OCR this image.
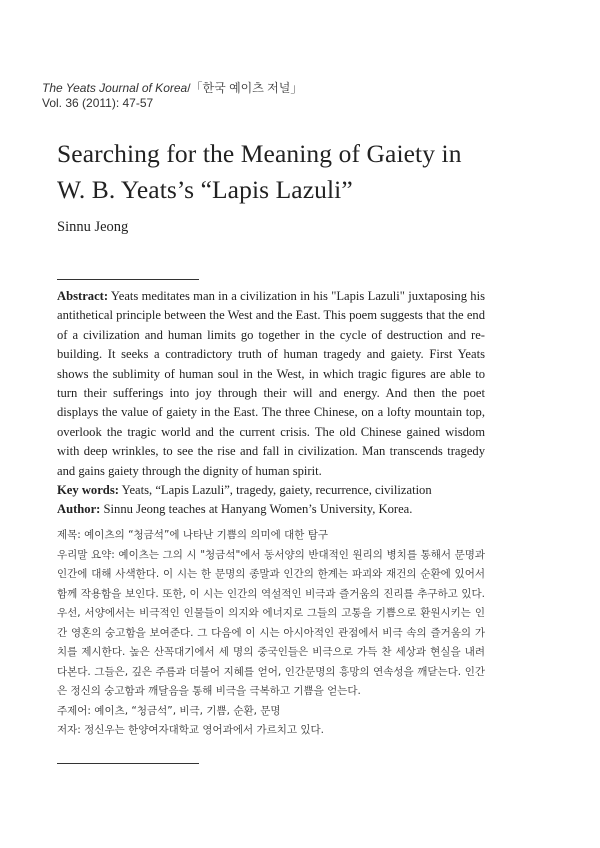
The Yeats Journal of Korea/「한국 예이츠 저널」
Vol. 36 (2011): 47-57
Searching for the Meaning of Gaiety in
W. B. Yeats’s “Lapis Lazuli”
Sinnu Jeong

Abstract: Yeats meditates man in a civilization in his "Lapis Lazuli" juxtaposing his antithetical principle between the West and the East. This poem suggests that the end of a civilization and human limits go together in the cycle of destruction and re-building. It seeks a contradictory truth of human tragedy and gaiety. First Yeats shows the sublimity of human soul in the West, in which tragic figures are able to turn their sufferings into joy through their will and energy. And then the poet displays the value of gaiety in the East. The three Chinese, on a lofty mountain top, overlook the tragic world and the current crisis. The old Chinese gained wisdom with deep wrinkles, to see the rise and fall in civilization. Man transcends tragedy and gains gaiety through the dignity of human spirit.

Key words: Yeats, “Lapis Lazuli”, tragedy, gaiety, recurrence, civilization

Author: Sinnu Jeong teaches at Hanyang Women’s University, Korea.

제목: 예이츠의 “청금석”에 나타난 기쁨의 의미에 대한 탐구

우리말 요약: 예이츠는 그의 시 "청금석"에서 동서양의 반대적인 원리의 병치를 통해서 문명과 인간에 대해 사색한다. 이 시는 한 문명의 종말과 인간의 한계는 파괴와 재건의 순환에 있어서 함께 작용함을 보인다. 또한, 이 시는 인간의 역설적인 비극과 즐거움의 진리를 추구하고 있다. 우선, 서양에서는 비극적인 인물들이 의지와 에너지로 그들의 고통을 기쁨으로 환원시키는 인간 영혼의 숭고함을 보여준다. 그 다음에 이 시는 아시아적인 관점에서 비극 속의 즐거움의 가치를 제시한다. 높은 산꼭대기에서 세 명의 중국인들은 비극으로 가득 찬 세상과 현실을 내려다본다. 그들은, 깊은 주름과 더불어 지혜를 얻어, 인간문명의 흥망의 연속성을 깨닫는다. 인간은 정신의 숭고함과 깨달음을 통해 비극을 극복하고 기쁨을 얻는다.

주제어: 예이츠, “청금석”, 비극, 기쁨, 순환, 문명

저자: 정신우는 한양여자대학교 영어과에서 가르치고 있다.
